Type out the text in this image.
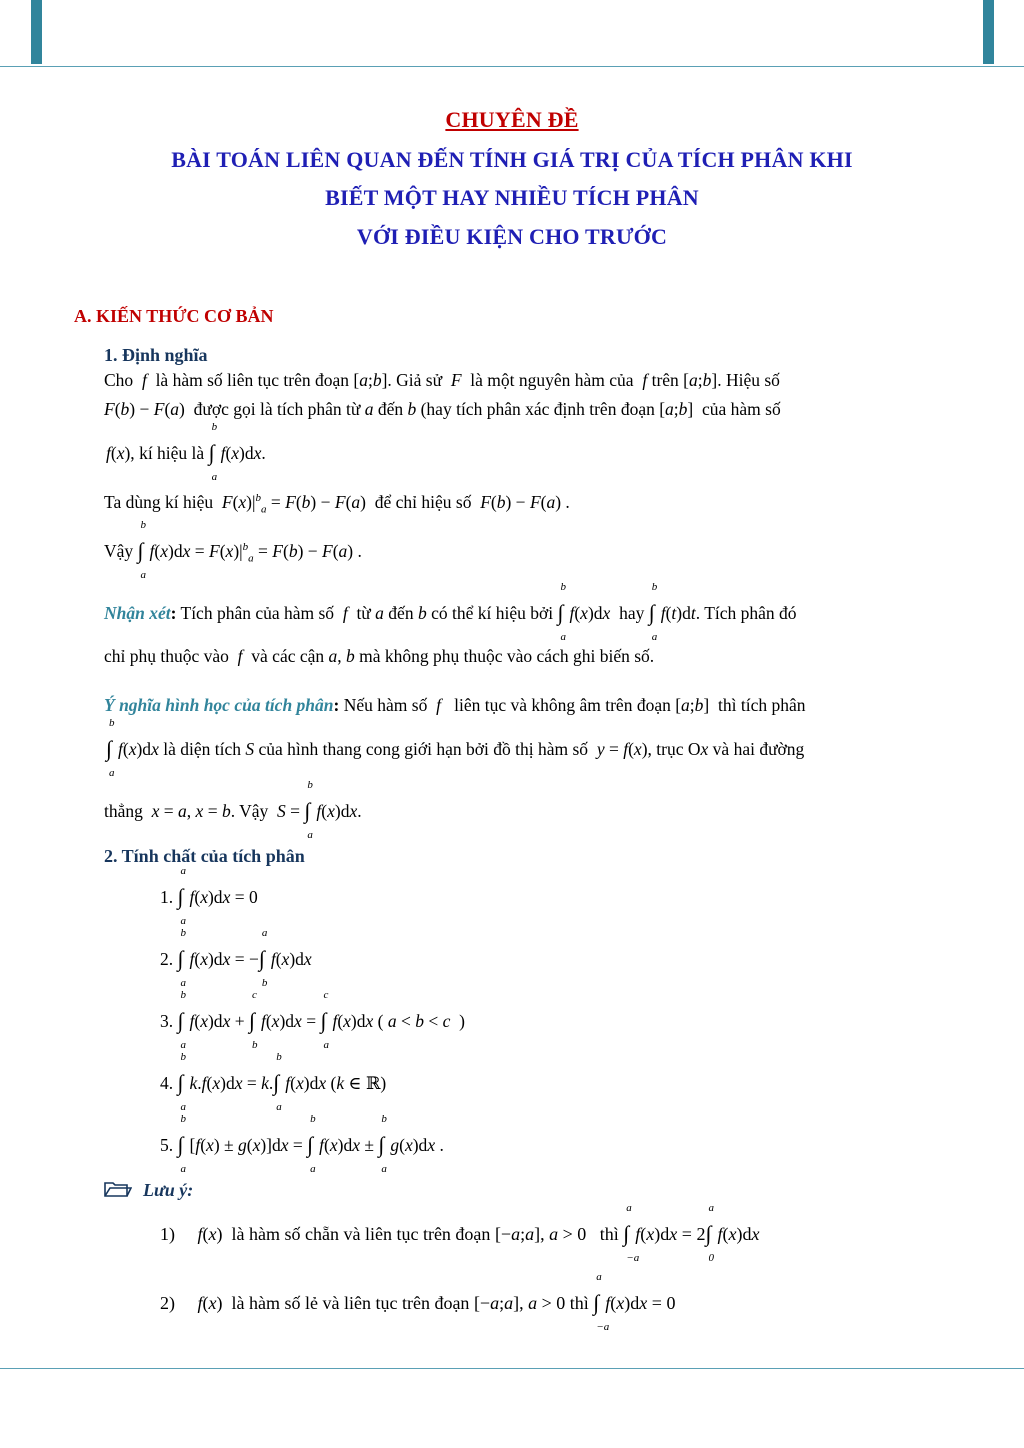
CHUYÊN ĐỀ
BÀI TOÁN LIÊN QUAN ĐẾN TÍNH GIÁ TRỊ CỦA TÍCH PHÂN KHI
BIẾT MỘT HAY NHIỀU TÍCH PHÂN
VỚI ĐIỀU KIỆN CHO TRƯỚC
A. KIẾN THỨC CƠ BẢN
1. Định nghĩa
Cho  f  là hàm số liên tục trên đoạn [a;b]. Giả sử  F  là một nguyên hàm của  f trên [a;b]. Hiệu số
F(b) − F(a)  được gọi là tích phân từ a đến b (hay tích phân xác định trên đoạn [a;b]  của hàm số
f(x), kí hiệu là
∫ b
a
f(x)dx.
Ta dùng kí hiệu $F(x)|^b_a = F(b) - F(a)$  để chỉ hiệu số F(b) − F(a) .
Vậy
∫ b
a
$f(x)dx = F(x)|^b_a = F(b) - F(a)$ .
Nhận xét: Tích phân của hàm số  f  từ a đến b có thể kí hiệu bởi
∫ b
a
f(x)dx hay
∫ b
a
f(t)dt. Tích phân đó
chỉ phụ thuộc vào  f  và các cận a, b mà không phụ thuộc vào cách ghi biến số.
Ý nghĩa hình học của tích phân: Nếu hàm số  f   liên tục và không âm trên đoạn [a;b]  thì tích phân
∫ b
a
f(x)dx là diện tích S của hình thang cong giới hạn bởi đồ thị hàm số y = f(x), trục Ox và hai đường
thẳng x = a, x = b. Vậy S =
∫ b
a
f(x)dx.
2. Tính chất của tích phân
1.
∫ a
a
f(x)dx = 0
2.
∫ b
a
f(x)dx = −
∫ a
b
f(x)dx
3.
∫ b
a
f(x)dx +
∫ c
b
f(x)dx =
∫ c
a
f(x)dx ( a < b < c  )
4.
∫ b
a
k.f(x)dx = k.
∫ b
a
f(x)dx (k ∈ ℝ)
5.
∫ b
a
[f(x) ± g(x)]dx =
∫ b
a
f(x)dx ±
∫ b
a
g(x)dx .
Lưu ý:
1) f(x)  là hàm số chẵn và liên tục trên đoạn [−a;a], a > 0   thì
∫ a
−a
f(x)dx = 2
∫ a
0
f(x)dx
2) f(x)  là hàm số lẻ và liên tục trên đoạn [−a;a], a > 0 thì
∫ a
−a
f(x)dx = 0
